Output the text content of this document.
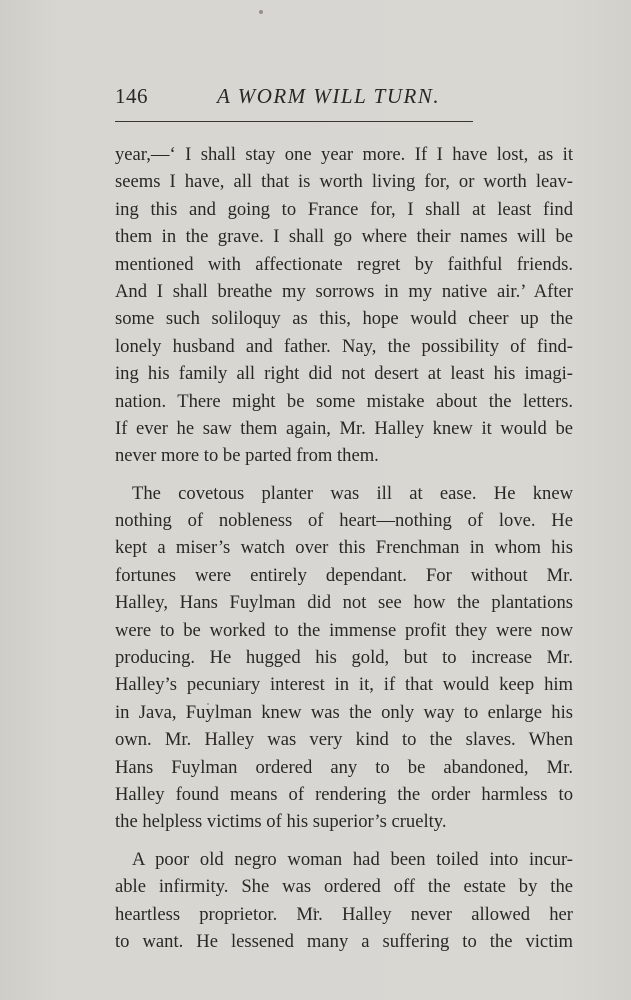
146	A WORM WILL TURN.

year,—‘ I shall stay one year more. If I have lost, as it
seems I have, all that is worth living for, or worth leav-
ing this and going to France for, I shall at least find
them in the grave. I shall go where their names will be
mentioned with affectionate regret by faithful friends.
And I shall breathe my sorrows in my native air.’ After
some such soliloquy as this, hope would cheer up the
lonely husband and father. Nay, the possibility of find-
ing his family all right did not desert at least his imagi-
nation. There might be some mistake about the letters.
If ever he saw them again, Mr. Halley knew it would be
never more to be parted from them.

The covetous planter was ill at ease. He knew
nothing of nobleness of heart—nothing of love. He
kept a miser’s watch over this Frenchman in whom his
fortunes were entirely dependant. For without Mr.
Halley, Hans Fuylman did not see how the plantations
were to be worked to the immense profit they were now
producing. He hugged his gold, but to increase Mr.
Halley’s pecuniary interest in it, if that would keep him
in Java, Fuylman knew was the only way to enlarge his
own. Mr. Halley was very kind to the slaves. When
Hans Fuylman ordered any to be abandoned, Mr.
Halley found means of rendering the order harmless to
the helpless victims of his superior’s cruelty.

A poor old negro woman had been toiled into incur-
able infirmity. She was ordered off the estate by the
heartless proprietor. Mr. Halley never allowed her
to want. He lessened many a suffering to the victim
